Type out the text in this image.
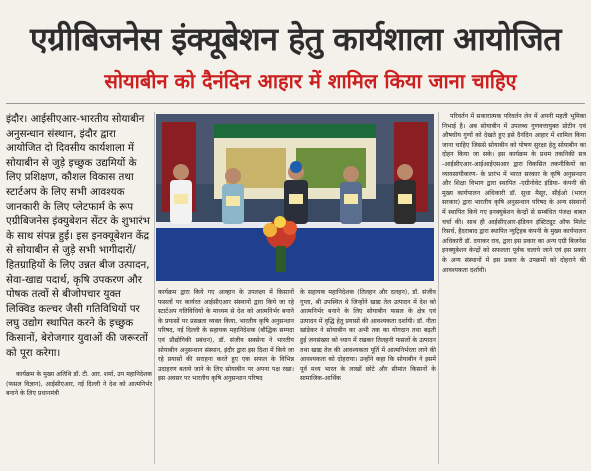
एग्रीबिजनेस इंक्यूबेशन हेतु कार्यशाला आयोजित
सोयाबीन को दैनंदिन आहार में शामिल किया जाना चाहिए

इंदौर। आईसीएआर-भारतीय सोयाबीन अनुसन्धान संस्थान, इंदौर द्वारा आयोजित दो दिवसीय कार्यशाला में सोयाबीन से जुड़े इच्छुक उद्यमियों के लिए प्रशिक्षण, कौशल विकास तथा स्टार्टअप के लिए सभी आवश्यक जानकारी के लिए प्लेटफार्म के रूप एग्रीबिजनेस इंक्युबेशन सेंटर के शुभारंभ के साथ संपन्न हुई। इस इनक्यूबेशन केंद्र से सोयाबीन से जुड़े सभी भागीदारों/हितग्राहियों के लिए उन्नत बीज उत्पादन, सेवा-खाद्य पदार्थ, कृषि उपकरण और पोषक तत्वों से बीजोपचार युक्त लिक्विड कल्चर जैसी गतिविधियों पर लघु उद्योग स्थापित करने के इच्छुक किसानों, बेरोजगार युवाओं की जरूरतों को पूरा करेगा।

कार्यक्रम के मुख्य अतिथि डॉ. टी. आर. शर्मा, उप महानिदेशक (फसल विज्ञान), आईसीएआर, नई दिल्ली ने देश को आत्मनिर्भर बनाने के लिए प्रधानमंत्री

कार्यक्रम द्वारा किये गए आव्हान के उपलक्ष्य में किसानों फसलों पर कार्यरत आईसीएआर संस्थानों द्वारा किये जा रहे स्टार्टअप गतिविधियों के माध्यम से देश को आत्मनिर्भर बनाने के प्रयासों पर प्रसन्नता व्यक्त किया, भारतीय कृषि अनुसन्धान परिषद, नई दिल्ली के सहायक महानिदेशक (बौद्धिक सम्पदा एवं प्रौद्योगिकी प्रबंधन), डॉ. संजीव सक्सेना ने भारतीय सोयाबीन अनुसन्धान संस्थान, इंदौर द्वारा इस दिशा में किये जा रहे प्रयासों की सराहना करते हुए एक सफल के विभिन्न उदाहरण बताये जाने के लिए सोयाबीन पर अपना पक्ष रखा। इस अवसर पर भारतीय कृषि अनुसन्धान परिषद

के सहायक महानिदेशक (तिलहन और दलहन), डॉ. संजीव गुप्ता, श्री उपस्थित थे जिन्होंने खाद्य तेल उत्पादन में देश को आत्मनिर्भर बनाने के लिए सोयाबीन फसल के क्षेत्र एवं उत्पादन में वृद्धि हेतु प्रयासों की आवश्यकता दर्शायी। डॉ. नीता खांडेकर ने सोयाबीन का अभी तक का योगदान तथा बढ़ती हुई जनसंख्या को ध्यान में रखकर तिलहनी फसलों के उत्पादन तथा खाद्य तेल की आवश्यकता पूर्ति में आत्मनिर्भरता लाने की आवश्यकता को दोहराया। उन्होंने कहा कि सोयाबीन ने इसमें पूर्व मध्य भारत के लाखों छोटे और सीमांत किसानों के सामाजिक-आर्थिक

परिवर्तन में सकारात्मक परिवर्तन लेन में अपनी महती भूमिका निभाई है। अब सोयाबीन में उपलब्ध गुणवत्तायुक्त प्रोटीन एवं औषधीय गुणों को देखते हुए इसे दैनंदिन आहार में शामिल किया जाना चाहिए जिससे सोयाबीन को पोषण सुरक्षा हेतु सोयाबीन का दोहन किया जा सके। इस कार्यक्रम के प्रथम तकनिकी सत्र -आईसीएआर-आईआईएसआर द्वारा विकसित तकनीकियों का व्यावसायीकरण- के प्रारंभ में भारत सरकार के कृषि अनुसन्धान और शिक्षा विभाग द्वारा स्थापित -एग्रीनोवेट इंडिया- कंपनी की मुख्य कार्यपालन अधिकारी डॉ. सुधा मैसूर, सीईओ (भारत सरकार) द्वारा भारतीय कृषि अनुसन्धान परिषद के अन्य संस्थानों में स्थापित किये गए इनक्युबेशन केन्द्रों से सम्बंधित पंजक्ष बाबत चर्चा की। साथ ही आईसीएआर-इंडियन इंस्टिट्यूट ऑफ मिलेट रिसर्च, हैदराबाद द्वारा स्थापित न्युट्रिहब कंपनी के मुख्य कार्यपालन अधिकारी डॉ. दयाकर राव, द्वारा इस प्रकार का अन्य एग्री बिजनेस इनक्युबेशन केन्द्रों को सफलता पूर्वक चलाये जाने एवं इस प्रकार के अन्य संस्थानों में इस प्रकार के उपक्रमों को दोहराने की आवश्यकता दर्शायी।
